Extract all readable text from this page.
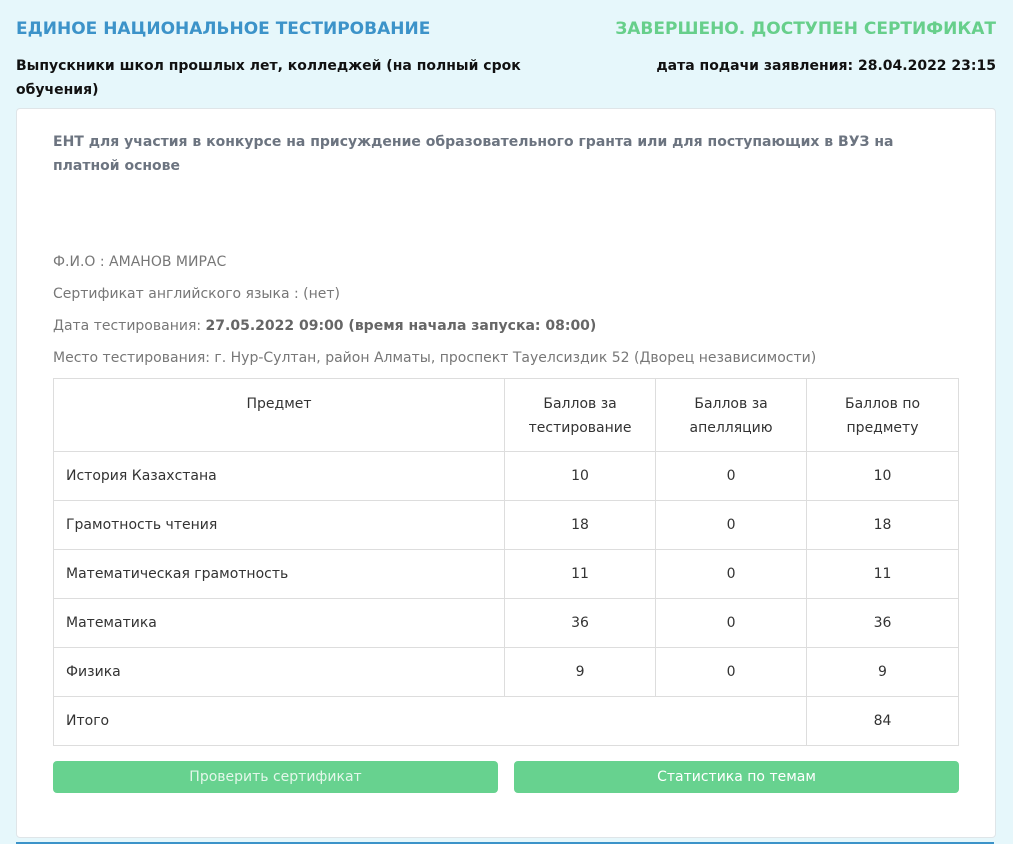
ЕДИНОЕ НАЦИОНАЛЬНОЕ ТЕСТИРОВАНИЕ	ЗАВЕРШЕНО. ДОСТУПЕН СЕРТИФИКАТ
Выпускники школ прошлых лет, колледжей (на полный срок обучения)
дата подачи заявления: 28.04.2022 23:15
ЕНТ для участия в конкурсе на присуждение образовательного гранта или для поступающих в ВУЗ на платной основе
Ф.И.О : АМАНОВ МИРАС
Сертификат английского языка : (нет)
Дата тестирования: 27.05.2022 09:00 (время начала запуска: 08:00)
Место тестирования: г. Нур-Султан, район Алматы, проспект Тауелсиздик 52 (Дворец независимости)
Предмет	Баллов за тестирование	Баллов за апелляцию	Баллов по предмету

История Казахстана	10	0	10
Грамотность чтения	18	0	18
Математическая грамотность	11	0	11
Математика	36	0	36
Физика	9	0	9
Итого			84
Проверить сертификат	Статистика по темам
